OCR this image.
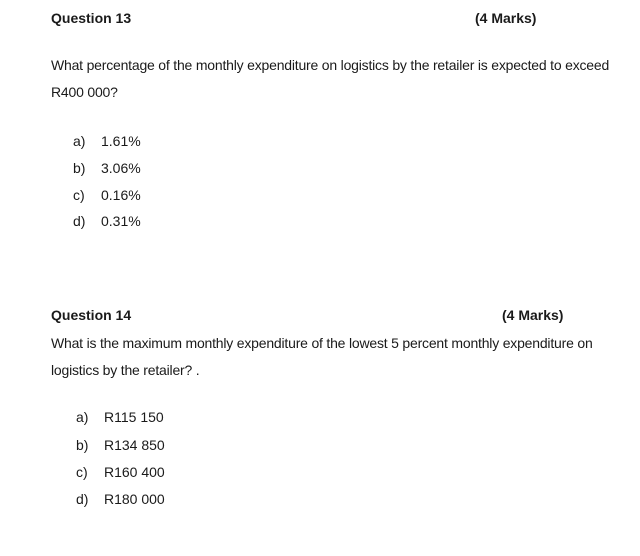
Question 13	(4 Marks)
What percentage of the monthly expenditure on logistics by the retailer is expected to exceed
R400 000?
a) 1.61%
b) 3.06%
c) 0.16%
d) 0.31%
Question 14	(4 Marks)
What is the maximum monthly expenditure of the lowest 5 percent monthly expenditure on
logistics by the retailer? .
a) R115 150
b) R134 850
c) R160 400
d) R180 000
